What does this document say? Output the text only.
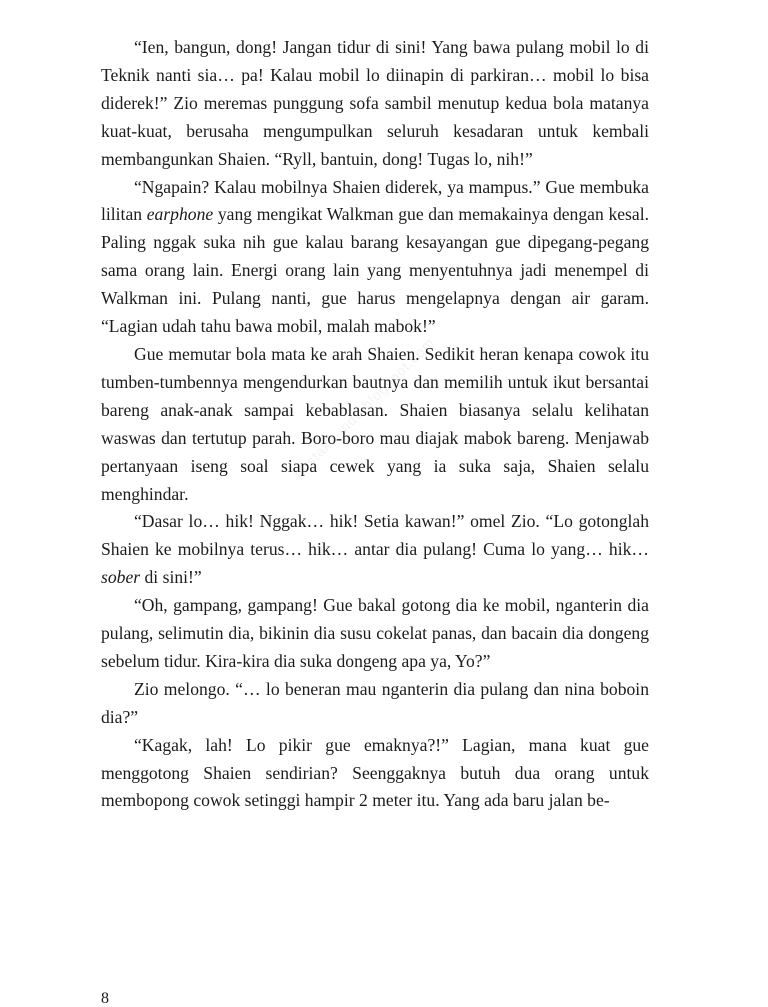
“Ien, bangun, dong! Jangan tidur di sini! Yang bawa pulang mobil lo di Teknik nanti sia… pa! Kalau mobil lo diinapin di parkiran… mobil lo bisa diderek!” Zio meremas punggung sofa sambil menutup kedua bola matanya kuat-kuat, berusaha mengumpulkan seluruh kesadaran untuk kembali membangunkan Shaien. “Ryll, bantuin, dong! Tugas lo, nih!”

“Ngapain? Kalau mobilnya Shaien diderek, ya mampus.” Gue membuka lilitan earphone yang mengikat Walkman gue dan memakainya dengan kesal. Paling nggak suka nih gue kalau barang kesayangan gue dipegang-pegang sama orang lain. Energi orang lain yang menyentuhnya jadi menempel di Walkman ini. Pulang nanti, gue harus mengelapnya dengan air garam. “Lagian udah tahu bawa mobil, malah mabok!”

Gue memutar bola mata ke arah Shaien. Sedikit heran kenapa cowok itu tumben-tumbennya mengendurkan bautnya dan memilih untuk ikut bersantai bareng anak-anak sampai kebablasan. Shaien biasanya selalu kelihatan waswas dan tertutup parah. Boro-boro mau diajak mabok bareng. Menjawab pertanyaan iseng soal siapa cewek yang ia suka saja, Shaien selalu menghindar.

“Dasar lo… hik! Nggak… hik! Setia kawan!” omel Zio. “Lo gotonglah Shaien ke mobilnya terus… hik… antar dia pulang! Cuma lo yang… hik… sober di sini!”

“Oh, gampang, gampang! Gue bakal gotong dia ke mobil, nganterin dia pulang, selimutin dia, bikinin dia susu cokelat panas, dan bacain dia dongeng sebelum tidur. Kira-kira dia suka dongeng apa ya, Yo?”

Zio melongo. “… lo beneran mau nganterin dia pulang dan nina boboin dia?”

“Kagak, lah! Lo pikir gue emaknya?!” Lagian, mana kuat gue menggotong Shaien sendirian? Seenggaknya butuh dua orang untuk membopong cowok setinggi hampir 2 meter itu. Yang ada baru jalan be-

pustaka-indo.blogspot.com
8
